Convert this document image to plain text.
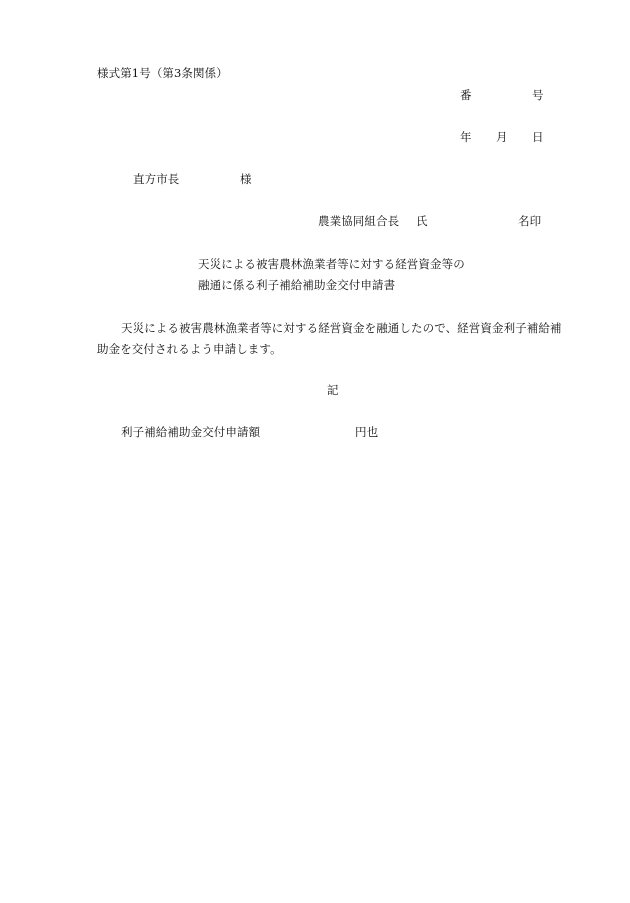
様式第1号（第3条関係）
番	号
年 月 日
直方市長	様
農業協同組合長 氏	名印
天災による被害農林漁業者等に対する経営資金等の
融通に係る利子補給補助金交付申請書
天災による被害農林漁業者等に対する経営資金を融通したので、経営資金利子補給補
助金を交付されるよう申請します。
記
利子補給補助金交付申請額	円也
